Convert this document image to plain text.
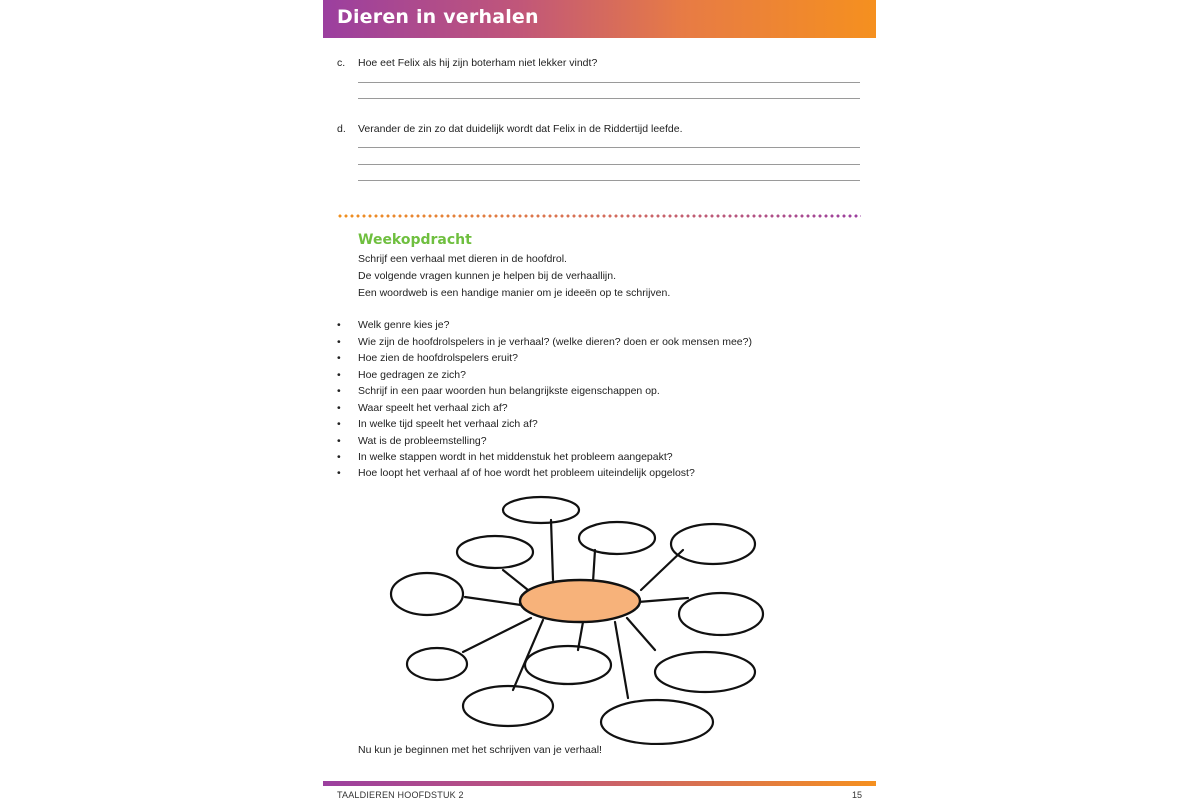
Dieren in verhalen
c. Hoe eet Felix als hij zijn boterham niet lekker vindt?
d. Verander de zin zo dat duidelijk wordt dat Felix in de Riddertijd leefde.
Weekopdracht
Schrijf een verhaal met dieren in de hoofdrol.
De volgende vragen kunnen je helpen bij de verhaallijn.
Een woordweb is een handige manier om je ideeën op te schrijven.
• Welk genre kies je?
• Wie zijn de hoofdrolspelers in je verhaal? (welke dieren? doen er ook mensen mee?)
• Hoe zien de hoofdrolspelers eruit?
• Hoe gedragen ze zich?
• Schrijf in een paar woorden hun belangrijkste eigenschappen op.
• Waar speelt het verhaal zich af?
• In welke tijd speelt het verhaal zich af?
• Wat is de probleemstelling?
• In welke stappen wordt in het middenstuk het probleem aangepakt?
• Hoe loopt het verhaal af of hoe wordt het probleem uiteindelijk opgelost?
Nu kun je beginnen met het schrijven van je verhaal!
TAALDIEREN HOOFDSTUK 2	15
